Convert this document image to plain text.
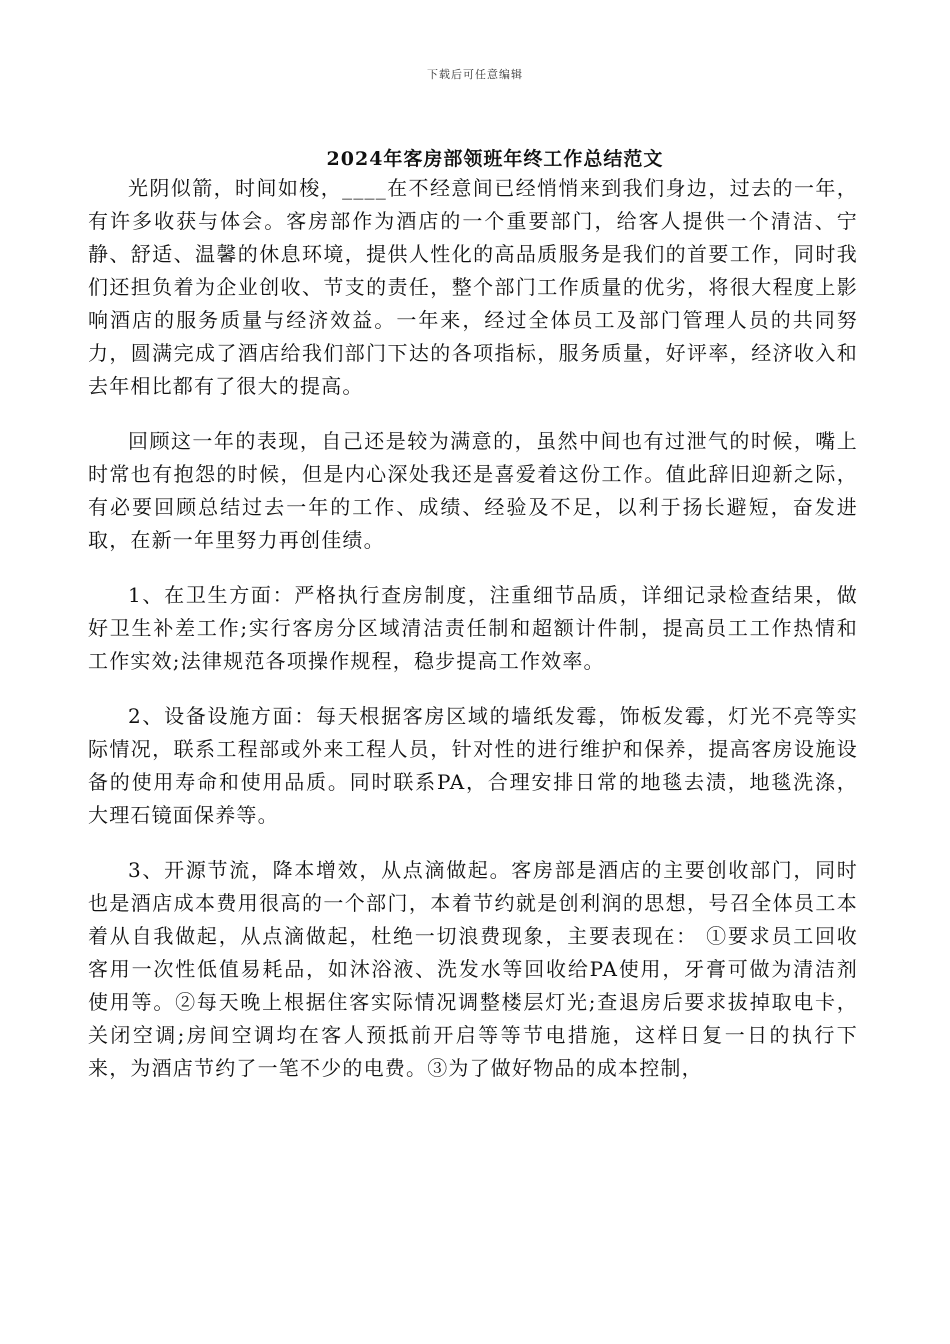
下载后可任意编辑
2024年客房部领班年终工作总结范文

光阴似箭，时间如梭，____在不经意间已经悄悄来到我们身边，过去的一年，有许多收获与体会。客房部作为酒店的一个重要部门，给客人提供一个清洁、宁静、舒适、温馨的休息环境，提供人性化的高品质服务是我们的首要工作，同时我们还担负着为企业创收、节支的责任，整个部门工作质量的优劣，将很大程度上影响酒店的服务质量与经济效益。一年来，经过全体员工及部门管理人员的共同努力，圆满完成了酒店给我们部门下达的各项指标，服务质量，好评率，经济收入和去年相比都有了很大的提高。

回顾这一年的表现，自己还是较为满意的，虽然中间也有过泄气的时候，嘴上时常也有抱怨的时候，但是内心深处我还是喜爱着这份工作。值此辞旧迎新之际，有必要回顾总结过去一年的工作、成绩、经验及不足，以利于扬长避短，奋发进取，在新一年里努力再创佳绩。

1、在卫生方面：严格执行查房制度，注重细节品质，详细记录检查结果，做好卫生补差工作;实行客房分区域清洁责任制和超额计件制，提高员工工作热情和工作实效;法律规范各项操作规程，稳步提高工作效率。

2、设备设施方面：每天根据客房区域的墙纸发霉，饰板发霉，灯光不亮等实际情况，联系工程部或外来工程人员，针对性的进行维护和保养，提高客房设施设备的使用寿命和使用品质。同时联系PA，合理安排日常的地毯去渍，地毯洗涤，大理石镜面保养等。

3、开源节流，降本增效，从点滴做起。客房部是酒店的主要创收部门，同时也是酒店成本费用很高的一个部门，本着节约就是创利润的思想，号召全体员工本着从自我做起，从点滴做起，杜绝一切浪费现象，主要表现在： ①要求员工回收客用一次性低值易耗品，如沐浴液、洗发水等回收给PA使用，牙膏可做为清洁剂使用等。②每天晚上根据住客实际情况调整楼层灯光;查退房后要求拔掉取电卡，关闭空调;房间空调均在客人预抵前开启等等节电措施，这样日复一日的执行下来，为酒店节约了一笔不少的电费。③为了做好物品的成本控制，
